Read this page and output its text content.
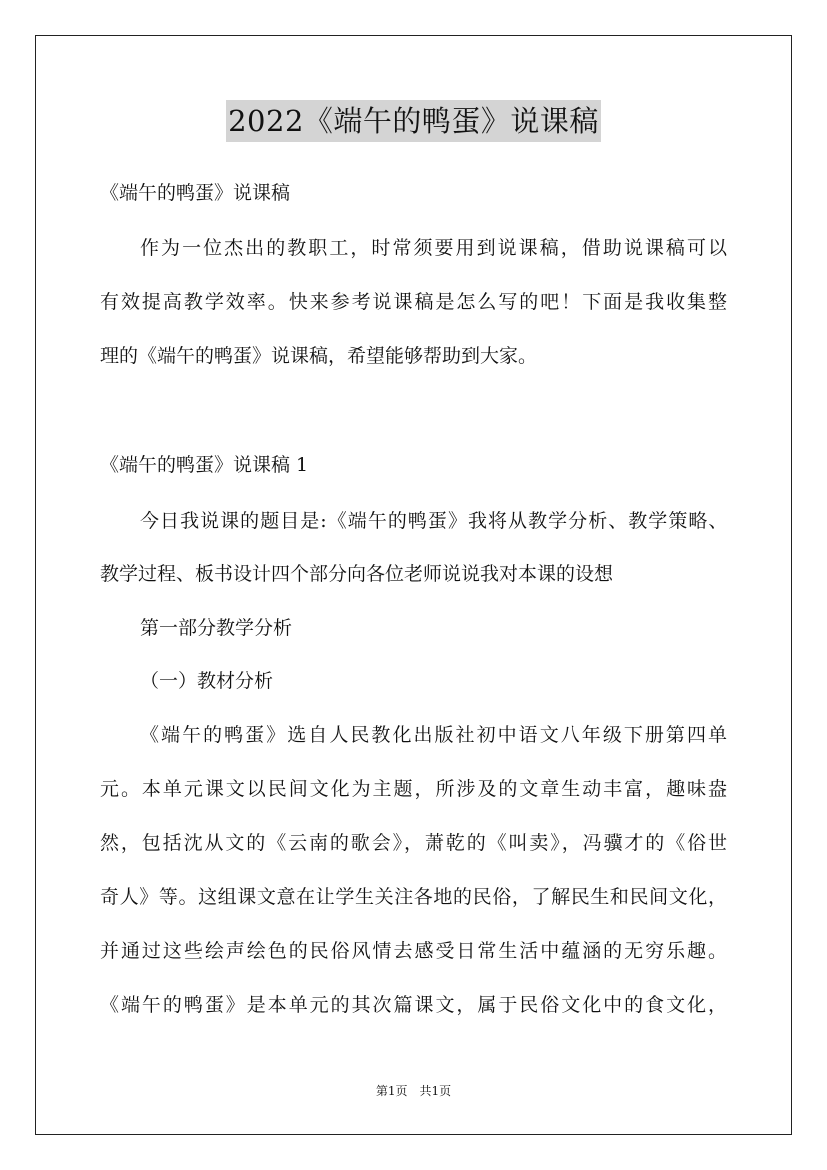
2022《端午的鸭蛋》说课稿
《端午的鸭蛋》说课稿
作为一位杰出的教职工，时常须要用到说课稿，借助说课稿可以
有效提高教学效率。快来参考说课稿是怎么写的吧！下面是我收集整
理的《端午的鸭蛋》说课稿，希望能够帮助到大家。
《端午的鸭蛋》说课稿 1
今日我说课的题目是:《端午的鸭蛋》我将从教学分析、教学策略、
教学过程、板书设计四个部分向各位老师说说我对本课的设想
第一部分教学分析
（一）教材分析
《端午的鸭蛋》选自人民教化出版社初中语文八年级下册第四单
元。本单元课文以民间文化为主题，所涉及的文章生动丰富，趣味盎
然，包括沈从文的《云南的歌会》，萧乾的《叫卖》，冯骥才的《俗世
奇人》等。这组课文意在让学生关注各地的民俗，了解民生和民间文化，
并通过这些绘声绘色的民俗风情去感受日常生活中蕴涵的无穷乐趣。
《端午的鸭蛋》是本单元的其次篇课文，属于民俗文化中的食文化，
第1页　共1页
